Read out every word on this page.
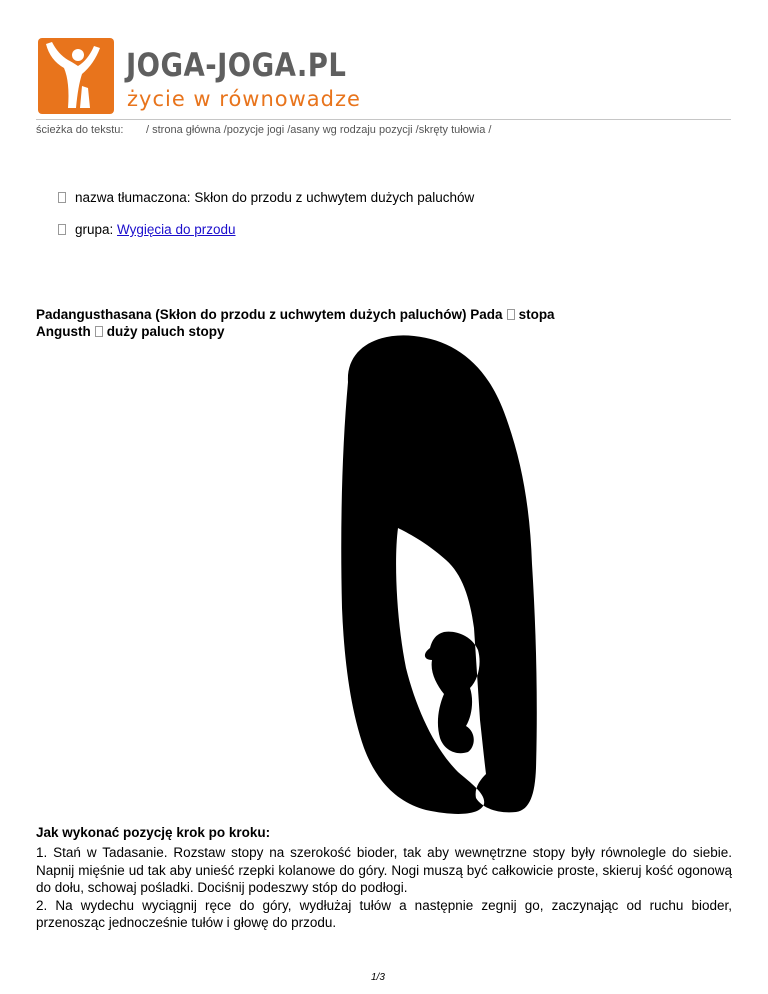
JOGA-JOGA.PL
życie w równowadze
ścieżka do tekstu: / strona główna /pozycje jogi /asany wg rodzaju pozycji /skręty tułowia /
nazwa tłumaczona: Skłon do przodu z uchwytem dużych paluchów
grupa: Wygięcia do przodu
Padangusthasana (Skłon do przodu z uchwytem dużych paluchów) Pada stopa
Angusth duży paluch stopy
Jak wykonać pozycję krok po kroku:

1. Stań w Tadasanie. Rozstaw stopy na szerokość bioder, tak aby wewnętrzne stopy były równolegle do siebie. Napnij mięśnie ud tak aby unieść rzepki kolanowe do góry. Nogi muszą być całkowicie proste, skieruj kość ogonową do dołu, schowaj pośladki. Dociśnij podeszwy stóp do podłogi.

2. Na wydechu wyciągnij ręce do góry, wydłużaj tułów a następnie zegnij go, zaczynając od ruchu bioder, przenosząc jednocześnie tułów i głowę do przodu.

1/3
